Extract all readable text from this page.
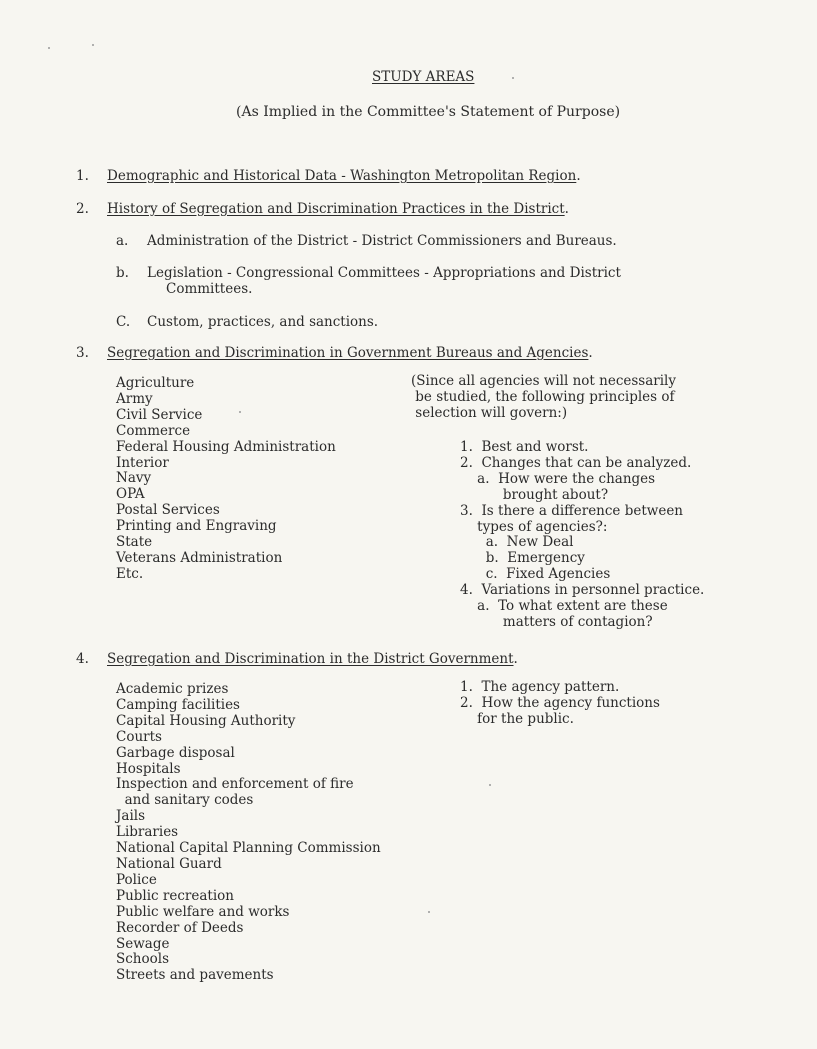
STUDY AREAS
(As Implied in the Committee's Statement of Purpose)
1. Demographic and Historical Data - Washington Metropolitan Region.
2. History of Segregation and Discrimination Practices in the District.
a. Administration of the District - District Commissioners and Bureaus.
b. Legislation - Congressional Committees - Appropriations and District
Committees.
C. Custom, practices, and sanctions.
3. Segregation and Discrimination in Government Bureaus and Agencies.
Agriculture
Army
Civil Service
Commerce
Federal Housing Administration
Interior
Navy
OPA
Postal Services
Printing and Engraving
State
Veterans Administration
Etc.
(Since all agencies will not necessarily
be studied, the following principles of
selection will govern:)
1.  Best and worst.
2.  Changes that can be analyzed.
a.  How were the changes
brought about?
3.  Is there a difference between
types of agencies?:
a.  New Deal
b.  Emergency
c.  Fixed Agencies
4.  Variations in personnel practice.
a.  To what extent are these
matters of contagion?
4. Segregation and Discrimination in the District Government.
Academic prizes
Camping facilities
Capital Housing Authority
Courts
Garbage disposal
Hospitals
Inspection and enforcement of fire
and sanitary codes
Jails
Libraries
National Capital Planning Commission
National Guard
Police
Public recreation
Public welfare and works
Recorder of Deeds
Sewage
Schools
Streets and pavements
1.  The agency pattern.
2.  How the agency functions
for the public.
